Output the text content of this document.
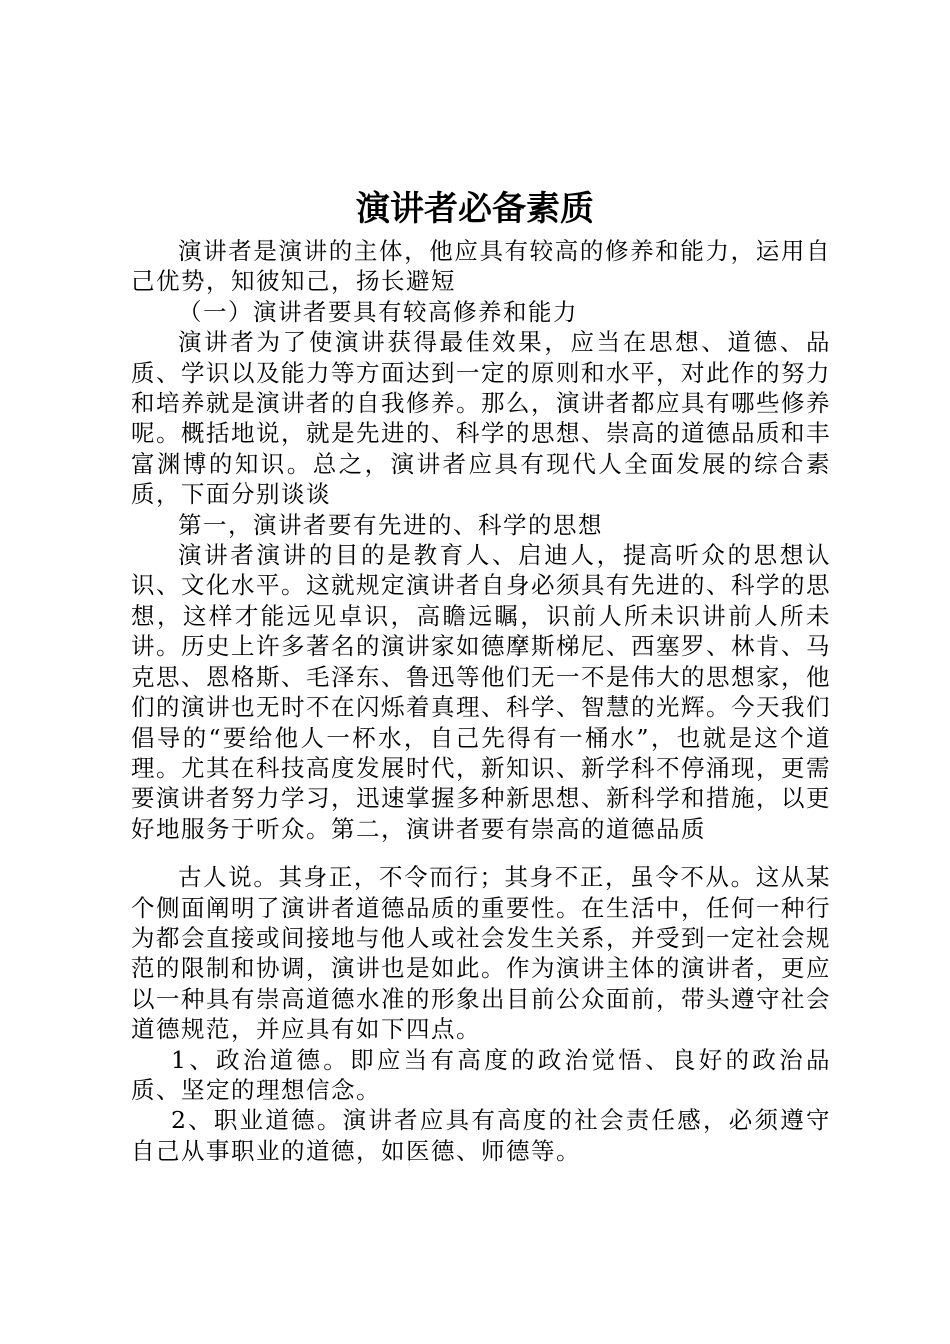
演讲者必备素质

演讲者是演讲的主体，他应具有较高的修养和能力，运用自己优势，知彼知己，扬长避短

（一）演讲者要具有较高修养和能力

演讲者为了使演讲获得最佳效果，应当在思想、道德、品质、学识以及能力等方面达到一定的原则和水平，对此作的努力和培养就是演讲者的自我修养。那么，演讲者都应具有哪些修养呢。概括地说，就是先进的、科学的思想、崇高的道德品质和丰富渊博的知识。总之，演讲者应具有现代人全面发展的综合素质，下面分别谈谈

第一，演讲者要有先进的、科学的思想

演讲者演讲的目的是教育人、启迪人，提高听众的思想认识、文化水平。这就规定演讲者自身必须具有先进的、科学的思想，这样才能远见卓识，高瞻远瞩，识前人所未识讲前人所未讲。历史上许多著名的演讲家如德摩斯梯尼、西塞罗、林肯、马克思、恩格斯、毛泽东、鲁迅等他们无一不是伟大的思想家，他们的演讲也无时不在闪烁着真理、科学、智慧的光辉。今天我们倡导的“要给他人一杯水，自己先得有一桶水”，也就是这个道理。尤其在科技高度发展时代，新知识、新学科不停涌现，更需要演讲者努力学习，迅速掌握多种新思想、新科学和措施，以更好地服务于听众。第二，演讲者要有崇高的道德品质

古人说。其身正，不令而行；其身不正，虽令不从。这从某个侧面阐明了演讲者道德品质的重要性。在生活中，任何一种行为都会直接或间接地与他人或社会发生关系，并受到一定社会规范的限制和协调，演讲也是如此。作为演讲主体的演讲者，更应以一种具有崇高道德水准的形象出目前公众面前，带头遵守社会道德规范，并应具有如下四点。

1、政治道德。即应当有高度的政治觉悟、良好的政治品质、坚定的理想信念。

2、职业道德。演讲者应具有高度的社会责任感，必须遵守自己从事职业的道德，如医德、师德等。
